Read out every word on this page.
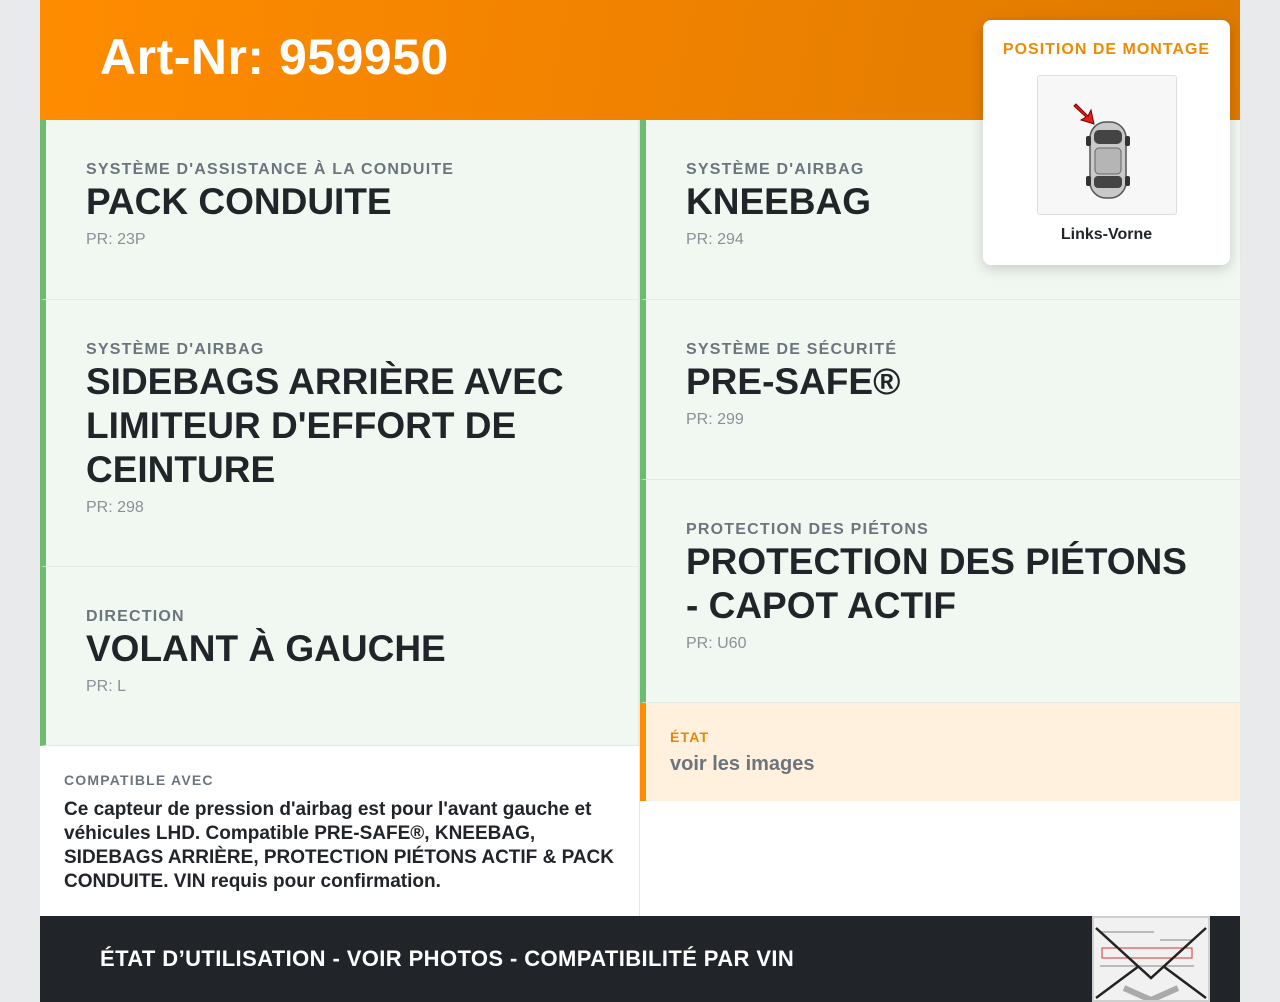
Art-Nr: 959950
SYSTÈME D'ASSISTANCE À LA CONDUITE
PACK CONDUITE
PR: 23P
SYSTÈME D'AIRBAG
SIDEBAGS ARRIÈRE AVEC LIMITEUR D'EFFORT DE CEINTURE
PR: 298
DIRECTION
VOLANT À GAUCHE
PR: L
SYSTÈME D'AIRBAG
KNEEBAG
PR: 294
SYSTÈME DE SÉCURITÉ
PRE-SAFE®
PR: 299
PROTECTION DES PIÉTONS
PROTECTION DES PIÉTONS - CAPOT ACTIF
PR: U60
COMPATIBLE AVEC
Ce capteur de pression d'airbag est pour l'avant gauche et véhicules LHD. Compatible PRE-SAFE®, KNEEBAG, SIDEBAGS ARRIÈRE, PROTECTION PIÉTONS ACTIF & PACK CONDUITE. VIN requis pour confirmation.
ÉTAT
voir les images
ÉTAT D’UTILISATION - VOIR PHOTOS - COMPATIBILITÉ PAR VIN
POSITION DE MONTAGE
Links-Vorne
